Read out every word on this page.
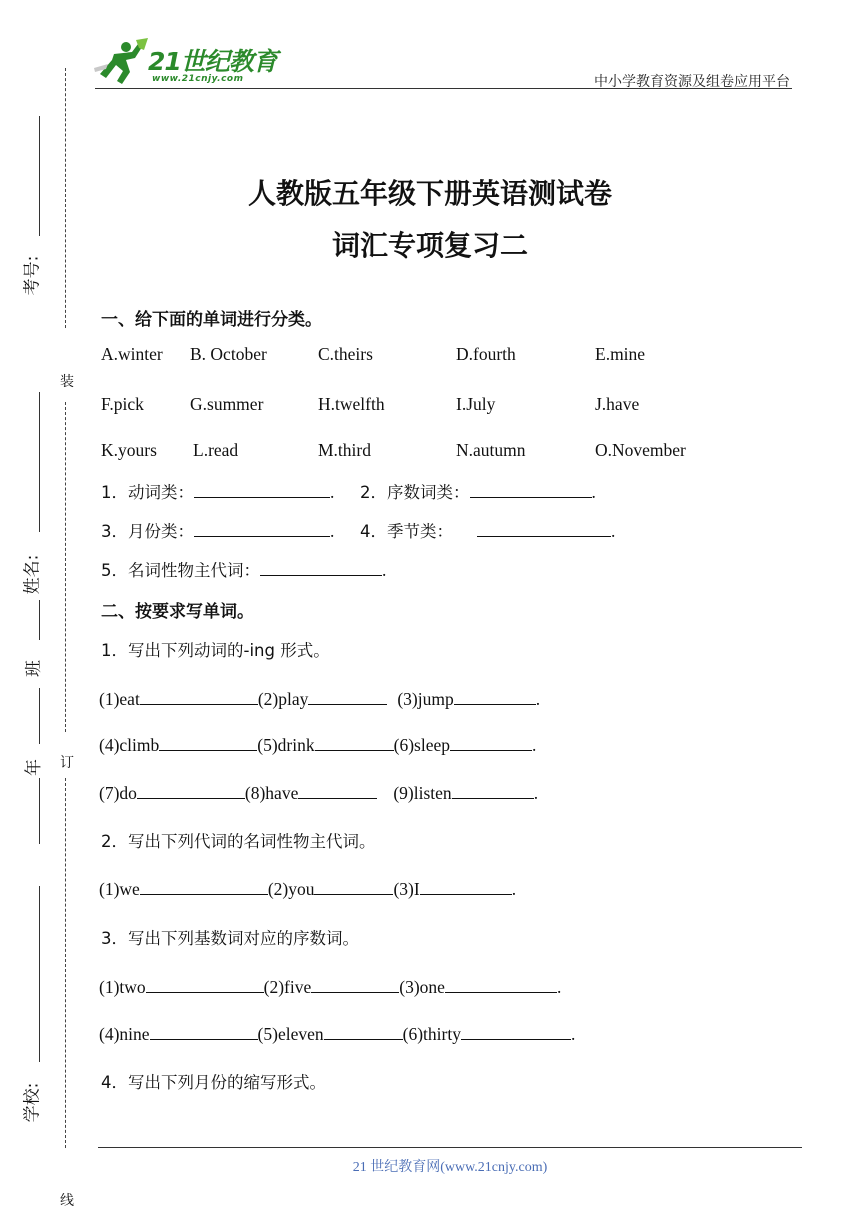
21世纪教育
www.21cnjy.com	中小学教育资源及组卷应用平台
人教版五年级下册英语测试卷
词汇专项复习二
装
订
线
考号:
姓名:
班
年
学校:
一、给下面的单词进行分类。
A.winter B. October	C.theirs	D.fourth	E.mine
F.pick	G.summer	H.twelfth	I.July	J.have
K.yours L.read	M.third	N.autumn	O.November
1．动词类：	. 2．序数词类：	.
3．月份类：	. 4．季节类：	.
5．名词性物主代词：	.
二、按要求写单词。
1．写出下列动词的-ing 形式。
(1)eat	(2)play	(3)jump	.
(4)climb	(5)drink	(6)sleep	.
(7)do	(8)have	(9)listen	.
2．写出下列代词的名词性物主代词。
(1)we	(2)you	(3)I	.
3．写出下列基数词对应的序数词。
(1)two	(2)five	(3)one	.
(4)nine	(5)eleven	(6)thirty	.
4．写出下列月份的缩写形式。
21 世纪教育网(www.21cnjy.com)
